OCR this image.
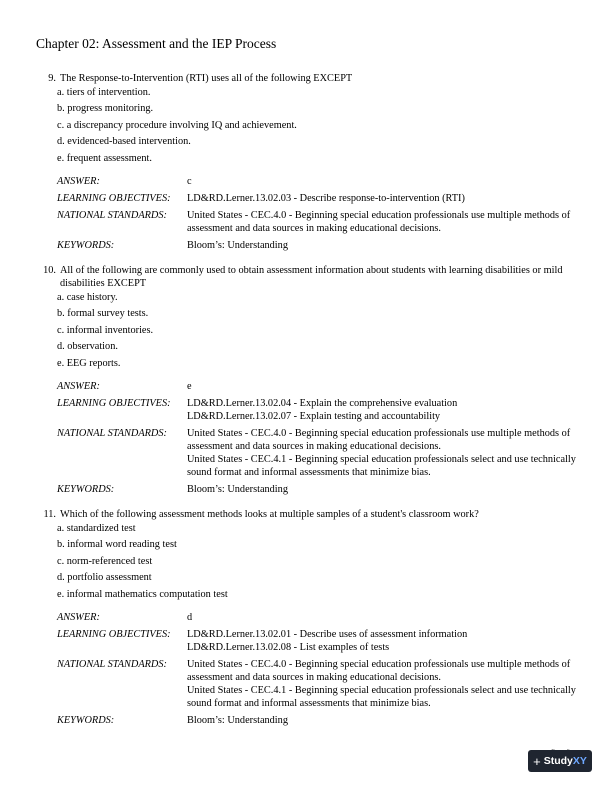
Chapter 02: Assessment and the IEP Process
9. The Response-to-Intervention (RTI) uses all of the following EXCEPT
a. tiers of intervention.
b. progress monitoring.
c. a discrepancy procedure involving IQ and achievement.
d. evidenced-based intervention.
e. frequent assessment.
ANSWER:	c
LEARNING OBJECTIVES:	LD&RD.Lerner.13.02.03 - Describe response-to-intervention (RTI)
NATIONAL STANDARDS:	United States - CEC.4.0 - Beginning special education professionals use multiple methods of assessment and data sources in making educational decisions.
KEYWORDS:	Bloom’s: Understanding
10. All of the following are commonly used to obtain assessment information about students with learning disabilities or mild disabilities EXCEPT
a. case history.
b. formal survey tests.
c. informal inventories.
d. observation.
e. EEG reports.
ANSWER:	e
LEARNING OBJECTIVES:	LD&RD.Lerner.13.02.04 - Explain the comprehensive evaluation
LD&RD.Lerner.13.02.07 - Explain testing and accountability
NATIONAL STANDARDS:	United States - CEC.4.0 - Beginning special education professionals use multiple methods of assessment and data sources in making educational decisions.
United States - CEC.4.1 - Beginning special education professionals select and use technically sound format and informal assessments that minimize bias.
KEYWORDS:	Bloom’s: Understanding
11. Which of the following assessment methods looks at multiple samples of a student's classroom work?
a. standardized test
b. informal word reading test
c. norm-referenced test
d. portfolio assessment
e. informal mathematics computation test
ANSWER:	d
LEARNING OBJECTIVES:	LD&RD.Lerner.13.02.01 - Describe uses of assessment information
LD&RD.Lerner.13.02.08 - List examples of tests
NATIONAL STANDARDS:	United States - CEC.4.0 - Beginning special education professionals use multiple methods of assessment and data sources in making educational decisions.
United States - CEC.4.1 - Beginning special education professionals select and use technically sound format and informal assessments that minimize bias.
KEYWORDS:	Bloom’s: Understanding
+ StudyXY
